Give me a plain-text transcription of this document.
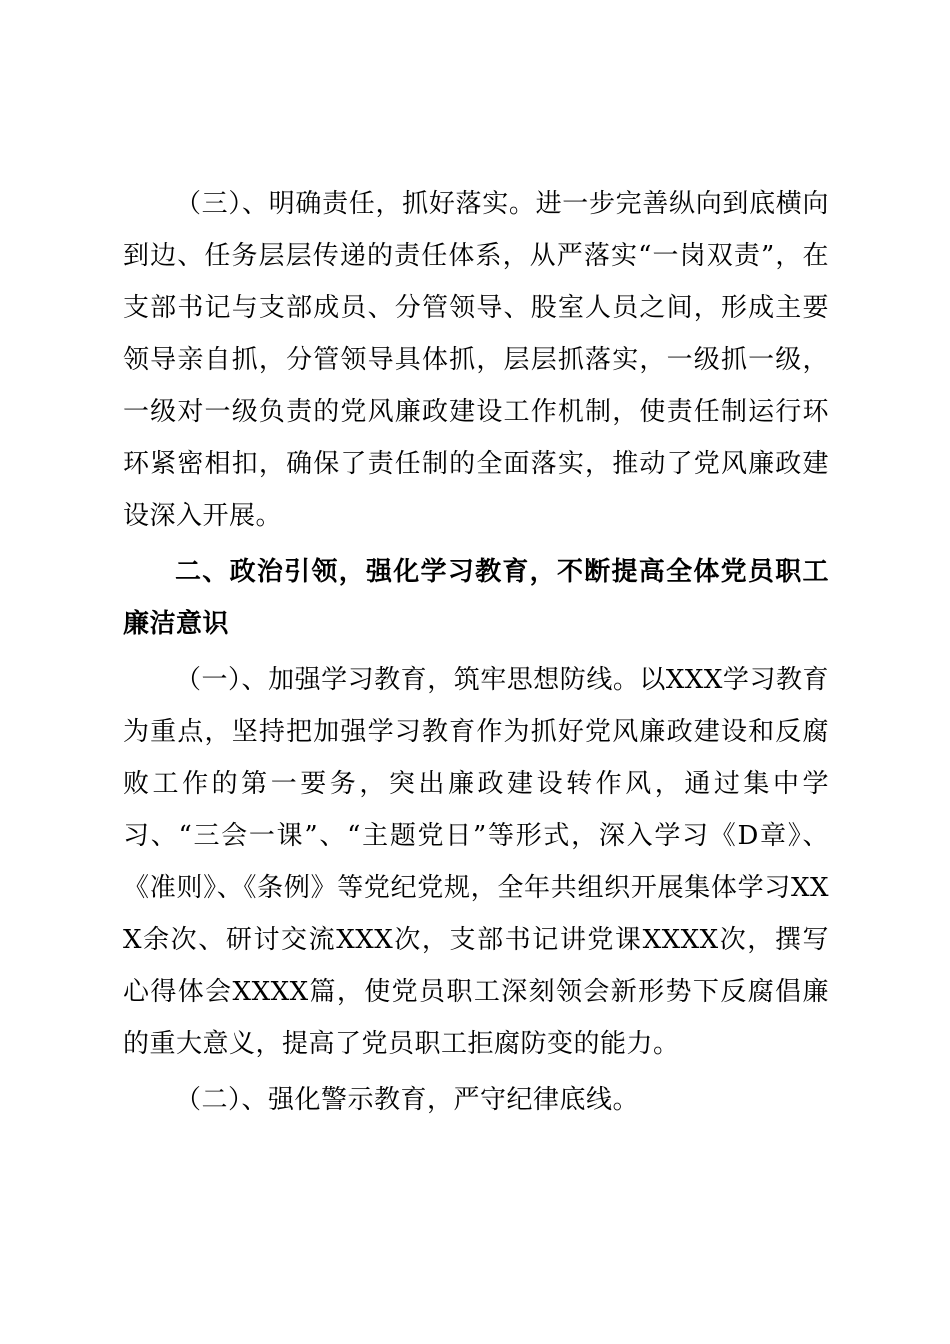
（三）、明确责任，抓好落实。进一步完善纵向到底横向到边、任务层层传递的责任体系，从严落实“一岗双责”，在支部书记与支部成员、分管领导、股室人员之间，形成主要领导亲自抓，分管领导具体抓，层层抓落实，一级抓一级，一级对一级负责的党风廉政建设工作机制，使责任制运行环环紧密相扣，确保了责任制的全面落实，推动了党风廉政建设深入开展。

二、政治引领，强化学习教育，不断提高全体党员职工廉洁意识

（一）、加强学习教育，筑牢思想防线。以XXX学习教育为重点，坚持把加强学习教育作为抓好党风廉政建设和反腐败工作的第一要务，突出廉政建设转作风，通过集中学习、“三会一课”、“主题党日”等形式，深入学习《D章》、《准则》、《条例》等党纪党规，全年共组织开展集体学习XXX余次、研讨交流XXX次，支部书记讲党课XXXX次，撰写心得体会XXXX篇，使党员职工深刻领会新形势下反腐倡廉的重大意义，提高了党员职工拒腐防变的能力。

（二）、强化警示教育，严守纪律底线。
